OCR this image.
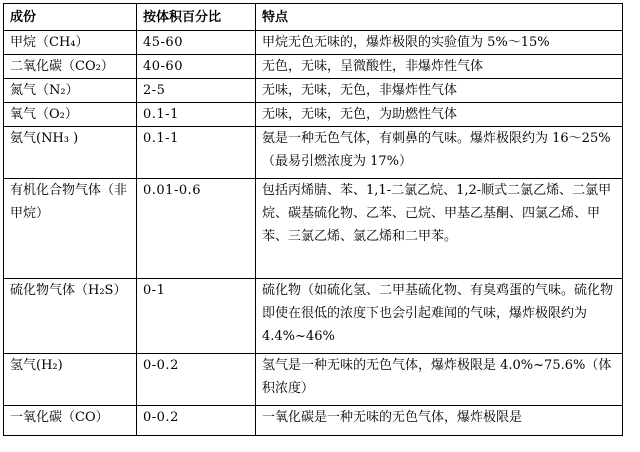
成份	按体积百分比	特点
甲烷（CH₄）	45-60	甲烷无色无味的，爆炸极限的实验值为 5%～15%
二氧化碳（CO₂）	40-60	无色，无味，呈微酸性，非爆炸性气体
氮气（N₂）	2-5	无味，无味，无色，非爆炸性气体
氧气（O₂）	0.1-1	无味，无味，无色，为助燃性气体
氨气(NH₃ )	0.1-1	氨是一种无色气体，有刺鼻的气味。爆炸极限约为 16～25%（最易引燃浓度为 17%）
有机化合物气体（非甲烷）	0.01-0.6	包括丙烯腈、苯、1,1-二氯乙烷、1,2-顺式二氯乙烯、二氯甲烷、碳基硫化物、乙苯、己烷、甲基乙基酮、四氯乙烯、甲苯、三氯乙烯、氯乙烯和二甲苯。
硫化物气体（H₂S）	0-1	硫化物（如硫化氢、二甲基硫化物、有臭鸡蛋的气味。硫化物即使在很低的浓度下也会引起难闻的气味，爆炸极限约为 4.4%~46%
氢气(H₂)	0-0.2	氢气是一种无味的无色气体，爆炸极限是 4.0%~75.6%（体积浓度）
一氧化碳（CO）	0-0.2	一氧化碳是一种无味的无色气体，爆炸极限是
